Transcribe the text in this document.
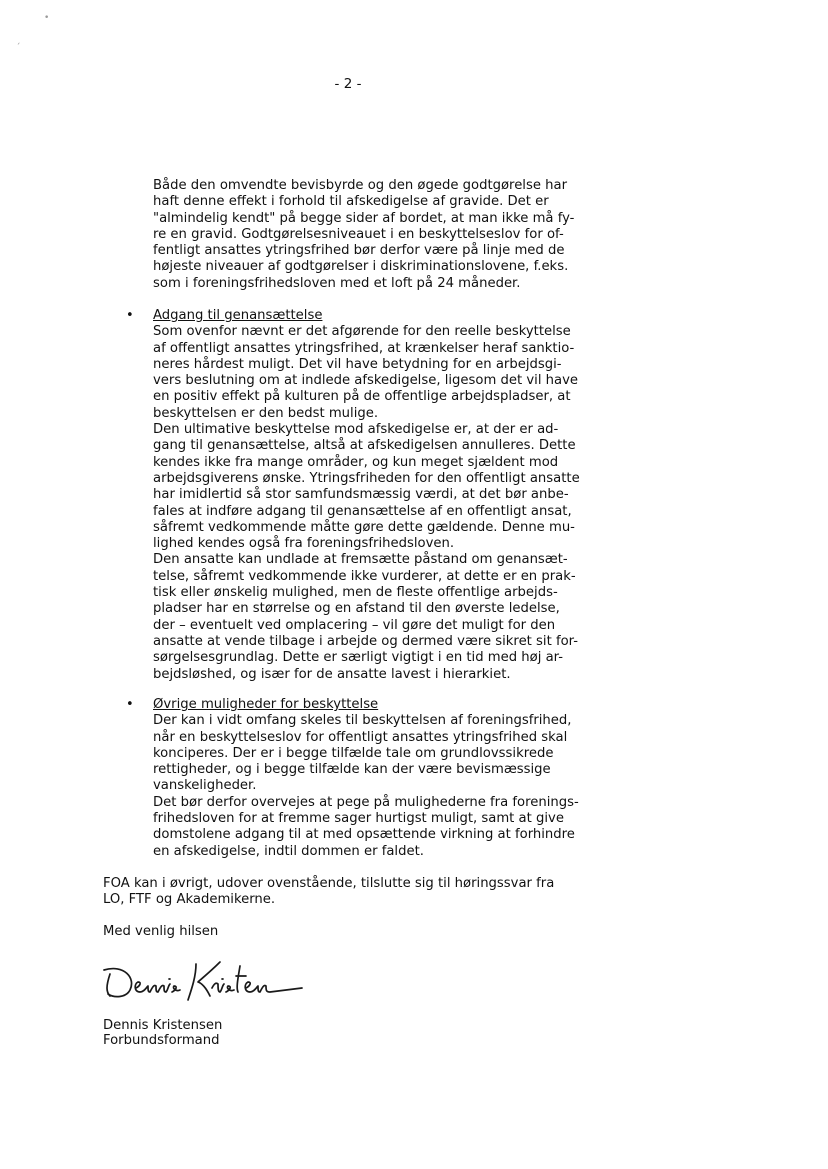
•
ˊ
- 2 -
Både den omvendte bevisbyrde og den øgede godtgørelse har
haft denne effekt i forhold til afskedigelse af gravide. Det er
"almindelig kendt" på begge sider af bordet, at man ikke må fy-
re en gravid. Godtgørelsesniveauet i en beskyttelseslov for of-
fentligt ansattes ytringsfrihed bør derfor være på linje med de
højeste niveauer af godtgørelser i diskriminationslovene, f.eks.
som i foreningsfrihedsloven med et loft på 24 måneder.
• Adgang til genansættelse
Som ovenfor nævnt er det afgørende for den reelle beskyttelse
af offentligt ansattes ytringsfrihed, at krænkelser heraf sanktio-
neres hårdest muligt. Det vil have betydning for en arbejdsgi-
vers beslutning om at indlede afskedigelse, ligesom det vil have
en positiv effekt på kulturen på de offentlige arbejdspladser, at
beskyttelsen er den bedst mulige.
Den ultimative beskyttelse mod afskedigelse er, at der er ad-
gang til genansættelse, altså at afskedigelsen annulleres. Dette
kendes ikke fra mange områder, og kun meget sjældent mod
arbejdsgiverens ønske. Ytringsfriheden for den offentligt ansatte
har imidlertid så stor samfundsmæssig værdi, at det bør anbe-
fales at indføre adgang til genansættelse af en offentligt ansat,
såfremt vedkommende måtte gøre dette gældende. Denne mu-
lighed kendes også fra foreningsfrihedsloven.
Den ansatte kan undlade at fremsætte påstand om genansæt-
telse, såfremt vedkommende ikke vurderer, at dette er en prak-
tisk eller ønskelig mulighed, men de fleste offentlige arbejds-
pladser har en størrelse og en afstand til den øverste ledelse,
der – eventuelt ved omplacering – vil gøre det muligt for den
ansatte at vende tilbage i arbejde og dermed være sikret sit for-
sørgelsesgrundlag. Dette er særligt vigtigt i en tid med høj ar-
bejdsløshed, og især for de ansatte lavest i hierarkiet.
• Øvrige muligheder for beskyttelse
Der kan i vidt omfang skeles til beskyttelsen af foreningsfrihed,
når en beskyttelseslov for offentligt ansattes ytringsfrihed skal
konciperes. Der er i begge tilfælde tale om grundlovssikrede
rettigheder, og i begge tilfælde kan der være bevismæssige
vanskeligheder.
Det bør derfor overvejes at pege på mulighederne fra forenings-
frihedsloven for at fremme sager hurtigst muligt, samt at give
domstolene adgang til at med opsættende virkning at forhindre
en afskedigelse, indtil dommen er faldet.
FOA kan i øvrigt, udover ovenstående, tilslutte sig til høringssvar fra
LO, FTF og Akademikerne.
Med venlig hilsen
Dennis Kristensen
Forbundsformand
